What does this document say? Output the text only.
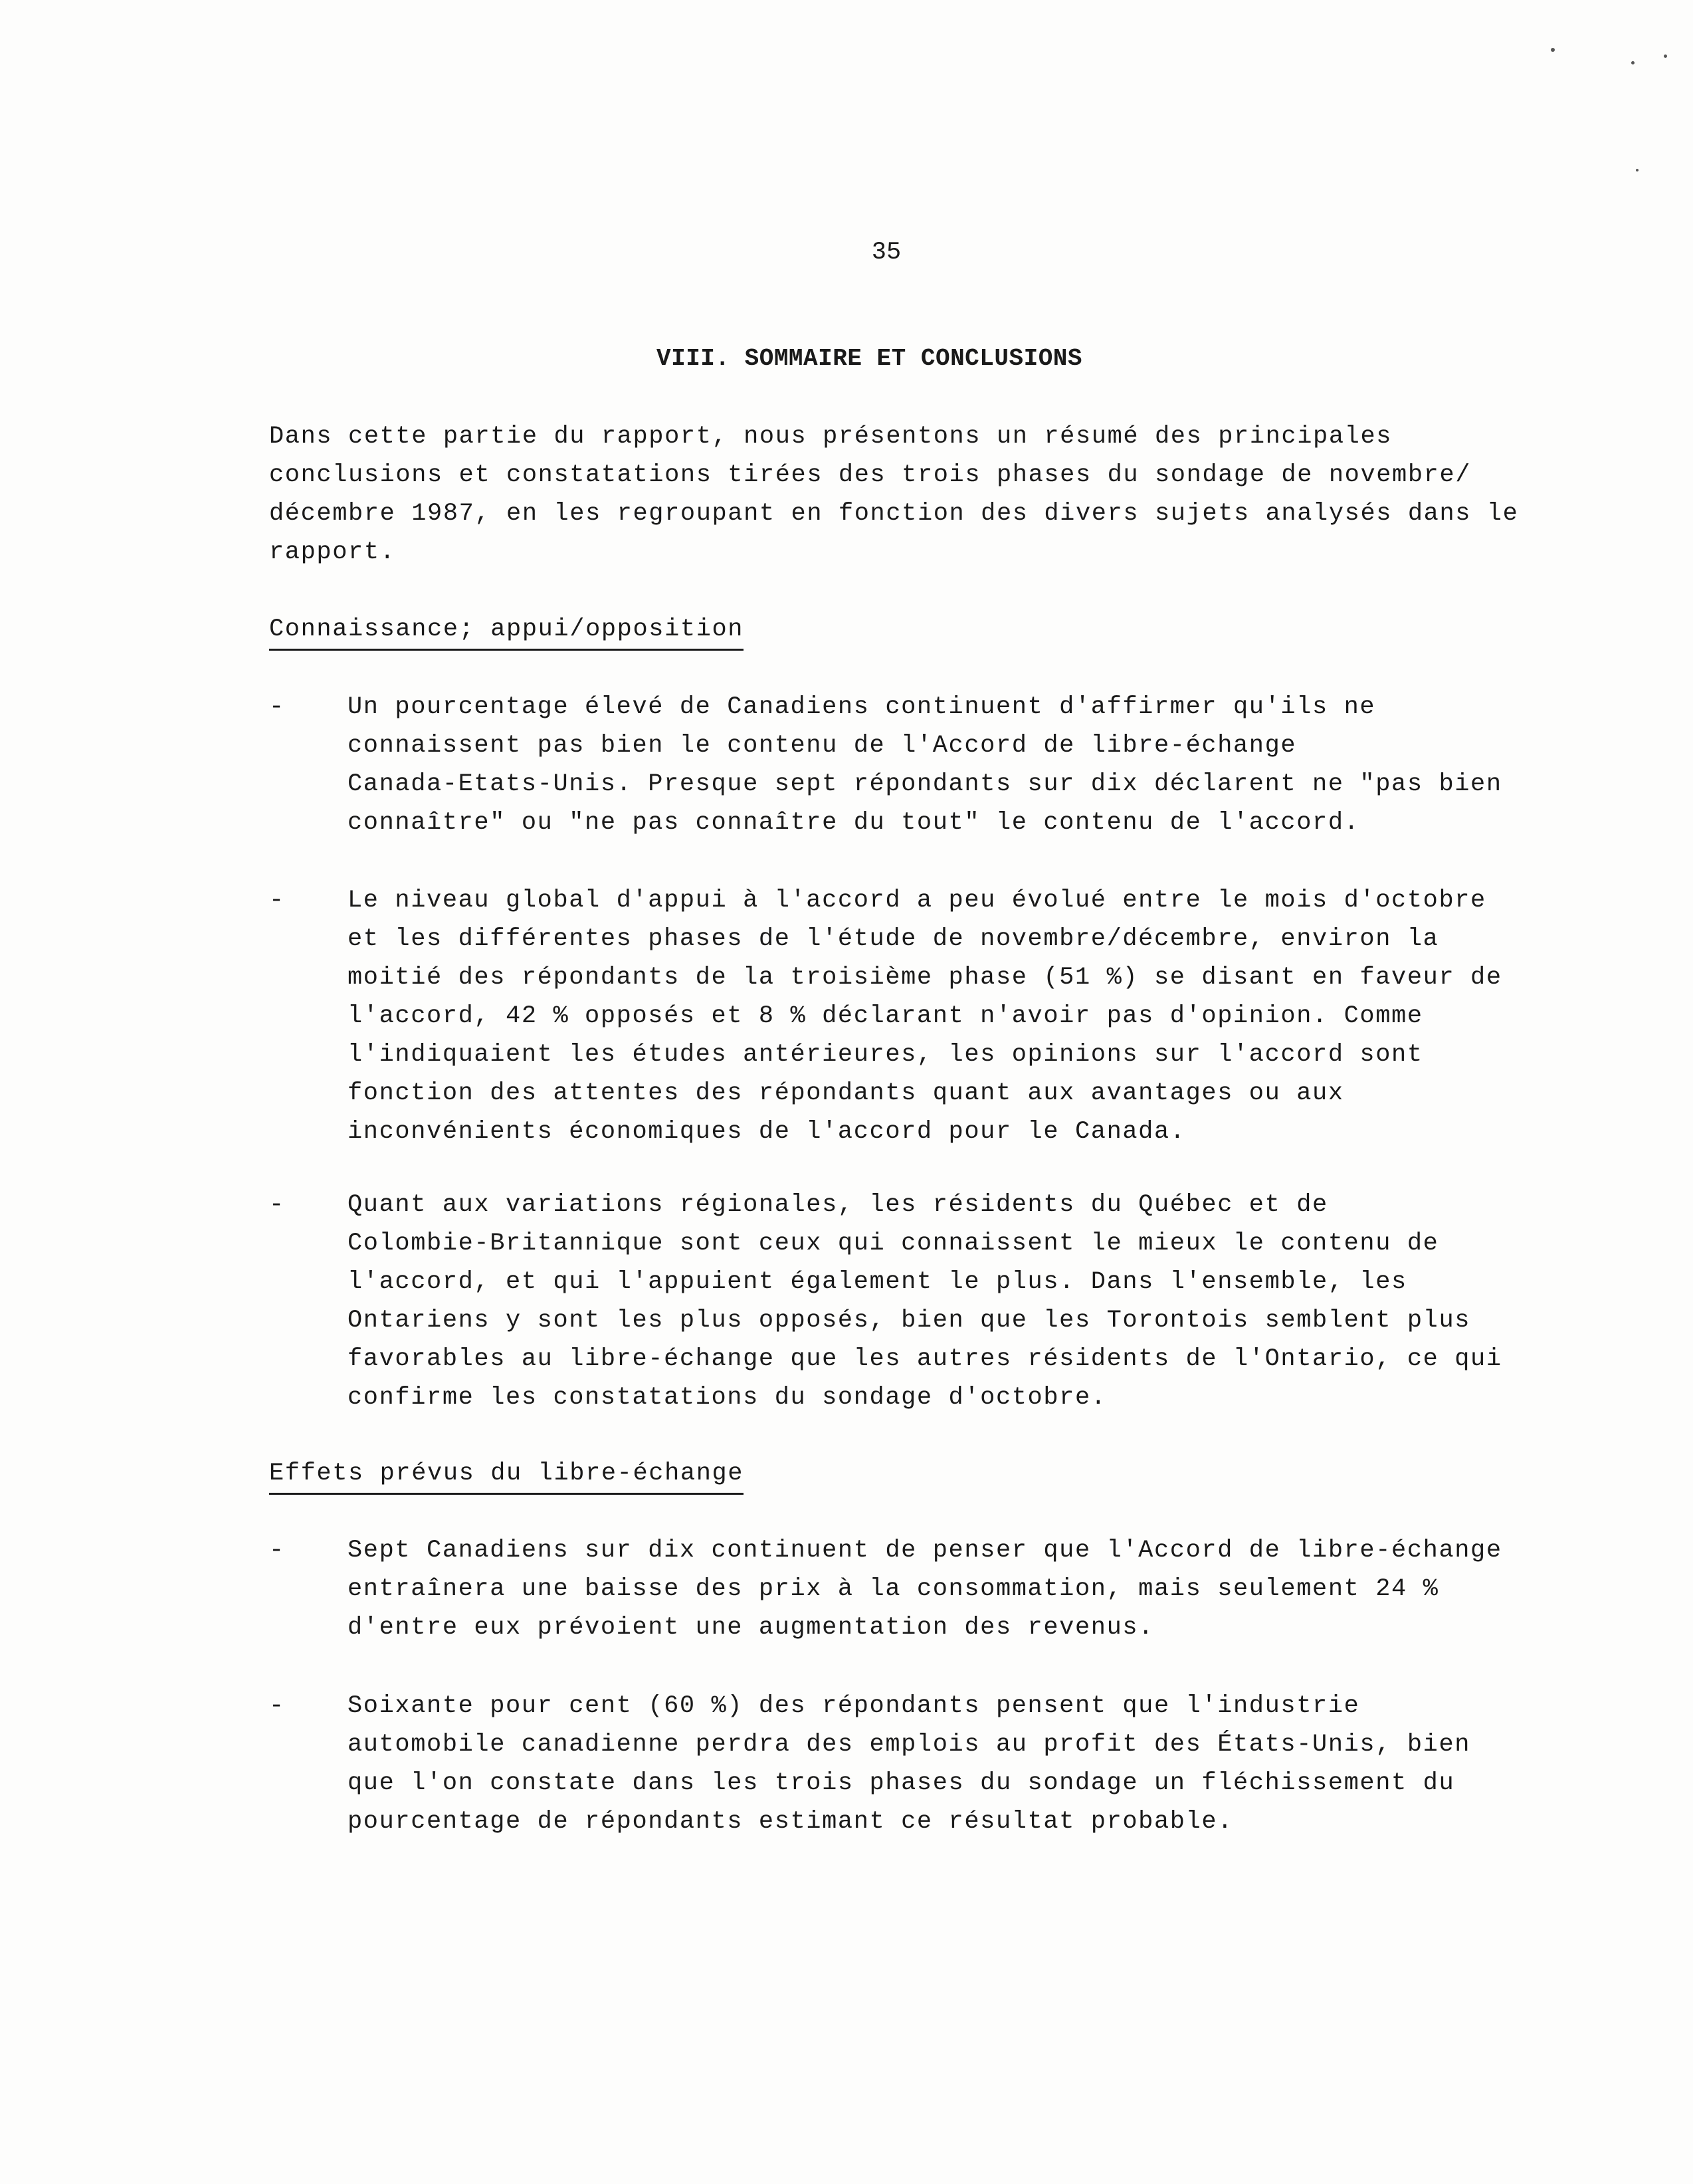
35
VIII. SOMMAIRE ET CONCLUSIONS
Dans cette partie du rapport, nous présentons un résumé des principales
conclusions et constatations tirées des trois phases du sondage de novembre/
décembre 1987, en les regroupant en fonction des divers sujets analysés dans le
rapport.
Connaissance; appui/opposition
-	Un pourcentage élevé de Canadiens continuent d'affirmer qu'ils ne
connaissent pas bien le contenu de l'Accord de libre-échange
Canada-Etats-Unis. Presque sept répondants sur dix déclarent ne "pas bien
connaître" ou "ne pas connaître du tout" le contenu de l'accord.
-	Le niveau global d'appui à l'accord a peu évolué entre le mois d'octobre
et les différentes phases de l'étude de novembre/décembre, environ la
moitié des répondants de la troisième phase (51 %) se disant en faveur de
l'accord, 42 % opposés et 8 % déclarant n'avoir pas d'opinion. Comme
l'indiquaient les études antérieures, les opinions sur l'accord sont
fonction des attentes des répondants quant aux avantages ou aux
inconvénients économiques de l'accord pour le Canada.
-	Quant aux variations régionales, les résidents du Québec et de
Colombie-Britannique sont ceux qui connaissent le mieux le contenu de
l'accord, et qui l'appuient également le plus. Dans l'ensemble, les
Ontariens y sont les plus opposés, bien que les Torontois semblent plus
favorables au libre-échange que les autres résidents de l'Ontario, ce qui
confirme les constatations du sondage d'octobre.
Effets prévus du libre-échange
-	Sept Canadiens sur dix continuent de penser que l'Accord de libre-échange
entraînera une baisse des prix à la consommation, mais seulement 24 %
d'entre eux prévoient une augmentation des revenus.
-	Soixante pour cent (60 %) des répondants pensent que l'industrie
automobile canadienne perdra des emplois au profit des États-Unis, bien
que l'on constate dans les trois phases du sondage un fléchissement du
pourcentage de répondants estimant ce résultat probable.
